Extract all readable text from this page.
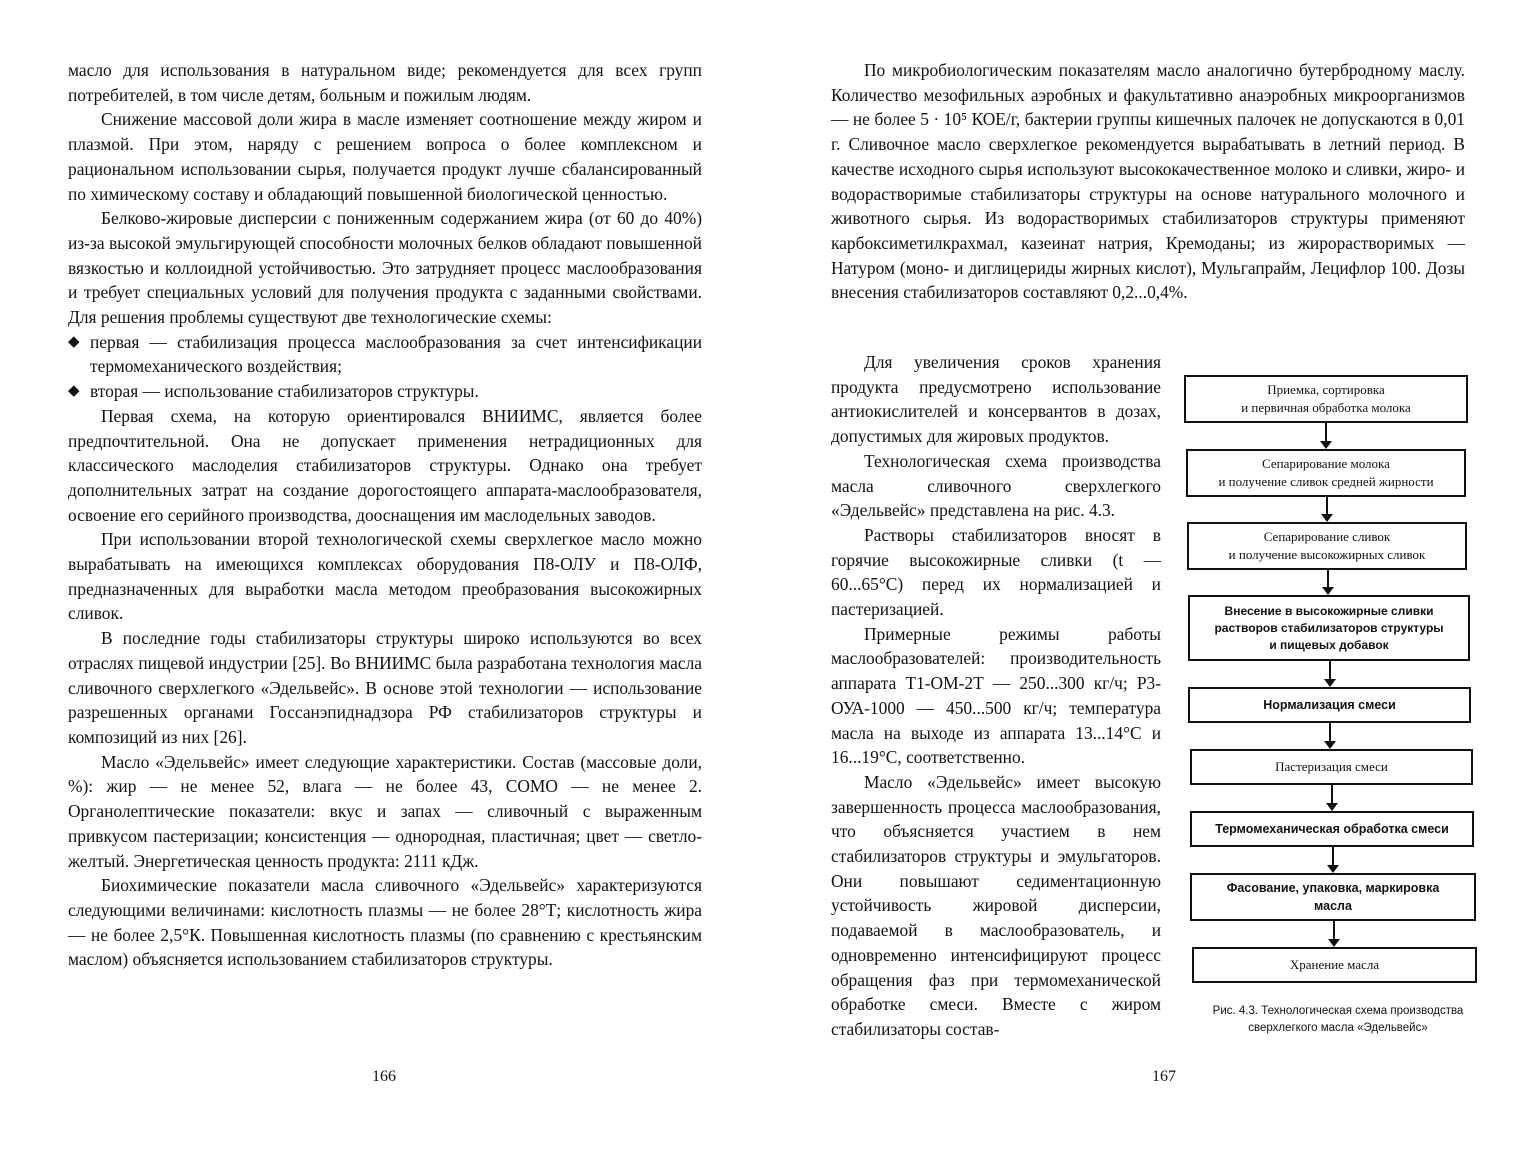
масло для использования в натуральном виде; рекомендуется для всех групп потребителей, в том числе детям, больным и пожилым людям.

Снижение массовой доли жира в масле изменяет соотношение между жиром и плазмой. При этом, наряду с решением вопроса о более комплексном и рациональном использовании сырья, получается продукт лучше сбалансированный по химическому составу и обладающий повышенной биологической ценностью.

Белково-жировые дисперсии с пониженным содержанием жира (от 60 до 40%) из-за высокой эмульгирующей способности молочных белков обладают повышенной вязкостью и коллоидной устойчивостью. Это затрудняет процесс маслообразования и требует специальных условий для получения продукта с заданными свойствами. Для решения проблемы существуют две технологические схемы:

◆ первая — стабилизация процесса маслообразования за счет интенсификации термомеханического воздействия;
◆ вторая — использование стабилизаторов структуры.

Первая схема, на которую ориентировался ВНИИМС, является более предпочтительной. Она не допускает применения нетрадиционных для классического маслоделия стабилизаторов структуры. Однако она требует дополнительных затрат на создание дорогостоящего аппарата-маслообразователя, освоение его серийного производства, дооснащения им маслодельных заводов.

При использовании второй технологической схемы сверхлегкое масло можно вырабатывать на имеющихся комплексах оборудования П8-ОЛУ и П8-ОЛФ, предназначенных для выработки масла методом преобразования высокожирных сливок.

В последние годы стабилизаторы структуры широко используются во всех отраслях пищевой индустрии [25]. Во ВНИИМС была разработана технология масла сливочного сверхлегкого «Эдельвейс». В основе этой технологии — использование разрешенных органами Госсанэпиднадзора РФ стабилизаторов структуры и композиций из них [26].

Масло «Эдельвейс» имеет следующие характеристики. Состав (массовые доли, %): жир — не менее 52, влага — не более 43, СОМО — не менее 2. Органолептические показатели: вкус и запах — сливочный с выраженным привкусом пастеризации; консистенция — однородная, пластичная; цвет — светло-желтый. Энергетическая ценность продукта: 2111 кДж.

Биохимические показатели масла сливочного «Эдельвейс» характеризуются следующими величинами: кислотность плазмы — не более 28°Т; кислотность жира — не более 2,5°К. Повышенная кислотность плазмы (по сравнению с крестьянским маслом) объясняется использованием стабилизаторов структуры.

166

По микробиологическим показателям масло аналогично бутербродному маслу. Количество мезофильных аэробных и факультативно анаэробных микроорганизмов — не более 5 · 10⁵ КОЕ/г, бактерии группы кишечных палочек не допускаются в 0,01 г. Сливочное масло сверхлегкое рекомендуется вырабатывать в летний период. В качестве исходного сырья используют высококачественное молоко и сливки, жиро- и водорастворимые стабилизаторы структуры на основе натурального молочного и животного сырья. Из водорастворимых стабилизаторов структуры применяют карбоксиметилкрахмал, казеинат натрия, Кремоданы; из жирорастворимых — Натуром (моно- и диглицериды жирных кислот), Мульгапрайм, Лецифлор 100. Дозы внесения стабилизаторов составляют 0,2...0,4%.

Для увеличения сроков хранения продукта предусмотрено использование антиокислителей и консервантов в дозах, допустимых для жировых продуктов.

Технологическая схема производства масла сливочного сверхлегкого «Эдельвейс» представлена на рис. 4.3.

Растворы стабилизаторов вносят в горячие высокожирные сливки (t — 60...65°С) перед их нормализацией и пастеризацией.

Примерные режимы работы маслообразователей: производительность аппарата Т1-ОМ-2Т — 250...300 кг/ч; Р3-ОУА-1000 — 450...500 кг/ч; температура масла на выходе из аппарата 13...14°С и 16...19°С, соответственно.

Масло «Эдельвейс» имеет высокую завершенность процесса маслообразования, что объясняется участием в нем стабилизаторов структуры и эмульгаторов. Они повышают седиментационную устойчивость жировой дисперсии, подаваемой в маслообразователь, и одновременно интенсифицируют процесс обращения фаз при термомеханической обработке смеси. Вместе с жиром стабилизаторы состав-

Приемка, сортировка
и первичная обработка молока
Сепарирование молока
и получение сливок средней жирности
Сепарирование сливок
и получение высокожирных сливок
Внесение в высокожирные сливки
растворов стабилизаторов структуры
и пищевых добавок
Нормализация смеси
Пастеризация смеси
Термомеханическая обработка смеси
Фасование, упаковка, маркировка
масла
Хранение масла
Рис. 4.3. Технологическая схема производства сверхлегкого масла «Эдельвейс»
167
